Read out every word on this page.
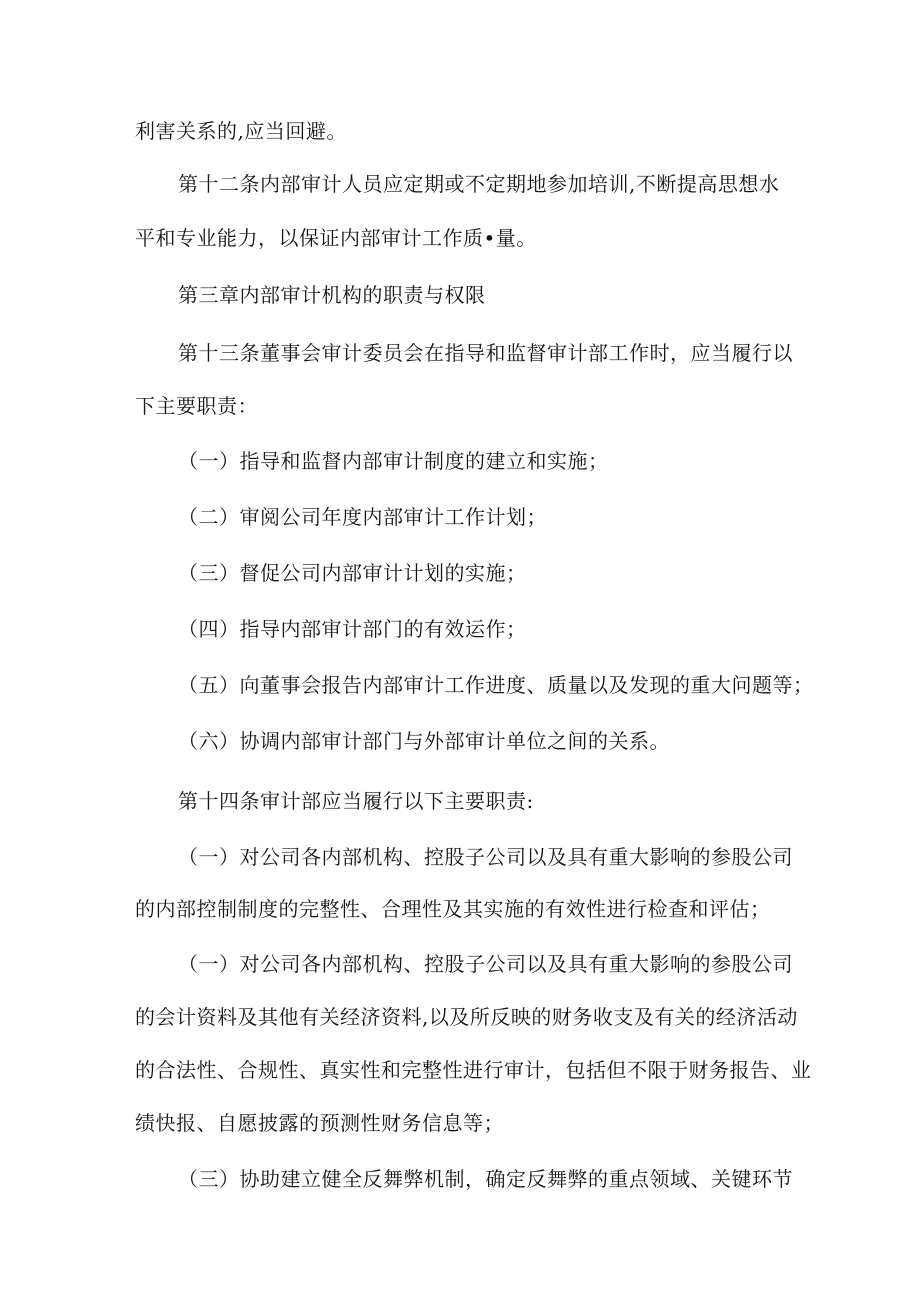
利害关系的,应当回避。
第十二条内部审计人员应定期或不定期地参加培训,不断提高思想水
平和专业能力，以保证内部审计工作质•量。
第三章内部审计机构的职责与权限
第十三条董事会审计委员会在指导和监督审计部工作时，应当履行以
下主要职责：
（一）指导和监督内部审计制度的建立和实施；
（二）审阅公司年度内部审计工作计划；
（三）督促公司内部审计计划的实施；
（四）指导内部审计部门的有效运作；
（五）向董事会报告内部审计工作进度、质量以及发现的重大问题等；
（六）协调内部审计部门与外部审计单位之间的关系。
第十四条审计部应当履行以下主要职责:
（一）对公司各内部机构、控股子公司以及具有重大影响的参股公司
的内部控制制度的完整性、合理性及其实施的有效性进行检查和评估；
（一）对公司各内部机构、控股子公司以及具有重大影响的参股公司
的会计资料及其他有关经济资料,以及所反映的财务收支及有关的经济活动
的合法性、合规性、真实性和完整性进行审计，包括但不限于财务报告、业
绩快报、自愿披露的预测性财务信息等；
（三）协助建立健全反舞弊机制，确定反舞弊的重点领域、关键环节
